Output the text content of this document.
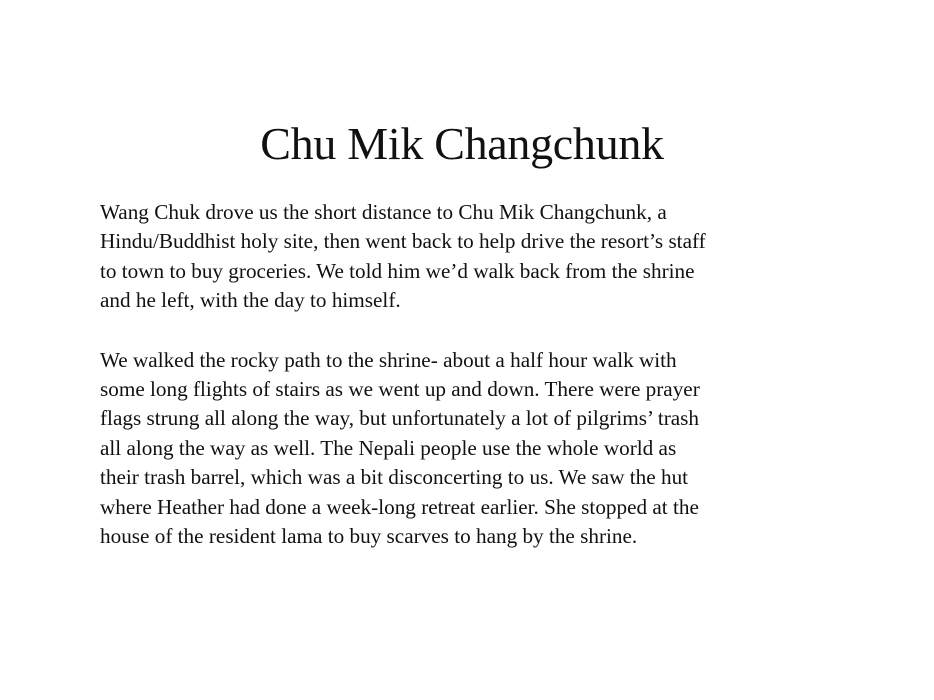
Chu Mik Changchunk

Wang Chuk drove us the short distance to Chu Mik Changchunk, a
Hindu/Buddhist holy site, then went back to help drive the resort’s staff
to town to buy groceries. We told him we’d walk back from the shrine
and he left, with the day to himself.

We walked the rocky path to the shrine- about a half hour walk with
some long flights of stairs as we went up and down. There were prayer
flags strung all along the way, but unfortunately a lot of pilgrims’ trash
all along the way as well. The Nepali people use the whole world as
their trash barrel, which was a bit disconcerting to us. We saw the hut
where Heather had done a week-long retreat earlier. She stopped at the
house of the resident lama to buy scarves to hang by the shrine.
